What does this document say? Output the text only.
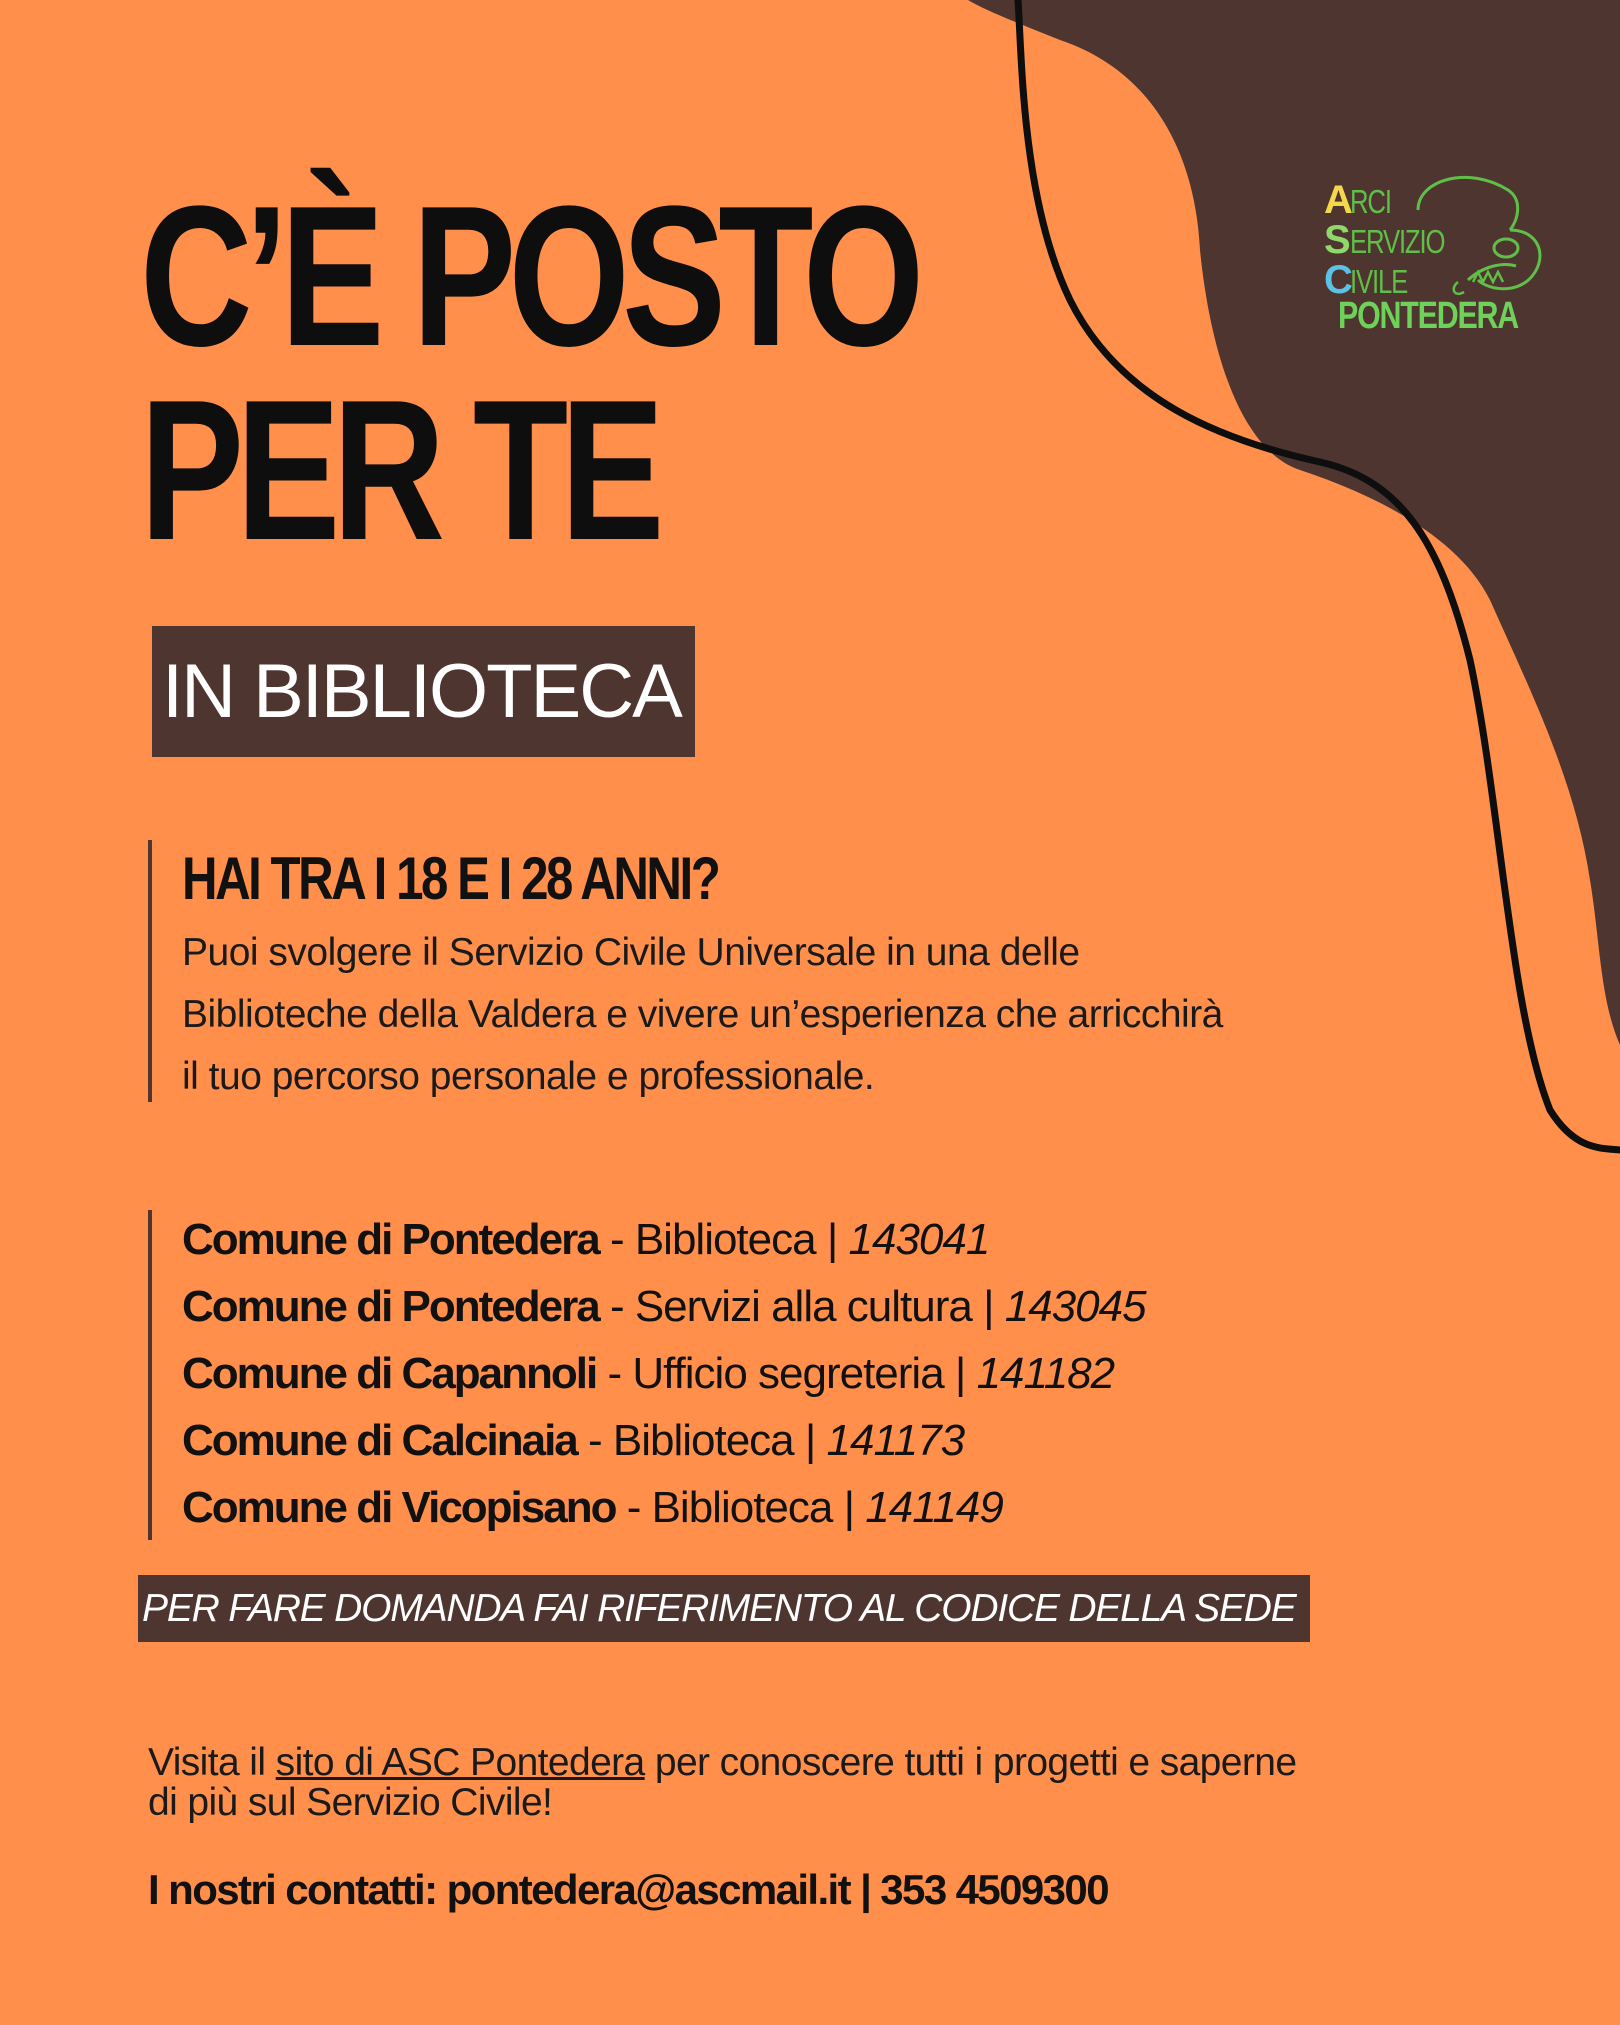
A
RCI
S ERVIZIO
C
IVILE
PONTEDERA
C’È POSTO
PER TE
IN BIBLIOTECA
HAI TRA I 18 E I 28 ANNI?
Puoi svolgere il Servizio Civile Universale in una delle
Biblioteche della Valdera e vivere un’esperienza che arricchirà
il tuo percorso personale e professionale.
Comune di Pontedera - Biblioteca | 143041
Comune di Pontedera - Servizi alla cultura | 143045
Comune di Capannoli - Ufficio segreteria | 141182
Comune di Calcinaia - Biblioteca | 141173
Comune di Vicopisano - Biblioteca | 141149
PER FARE DOMANDA FAI RIFERIMENTO AL CODICE DELLA SEDE
Visita il sito di ASC Pontedera per conoscere tutti i progetti e saperne
di più sul Servizio Civile!
I nostri contatti: pontedera@ascmail.it | 353 4509300
